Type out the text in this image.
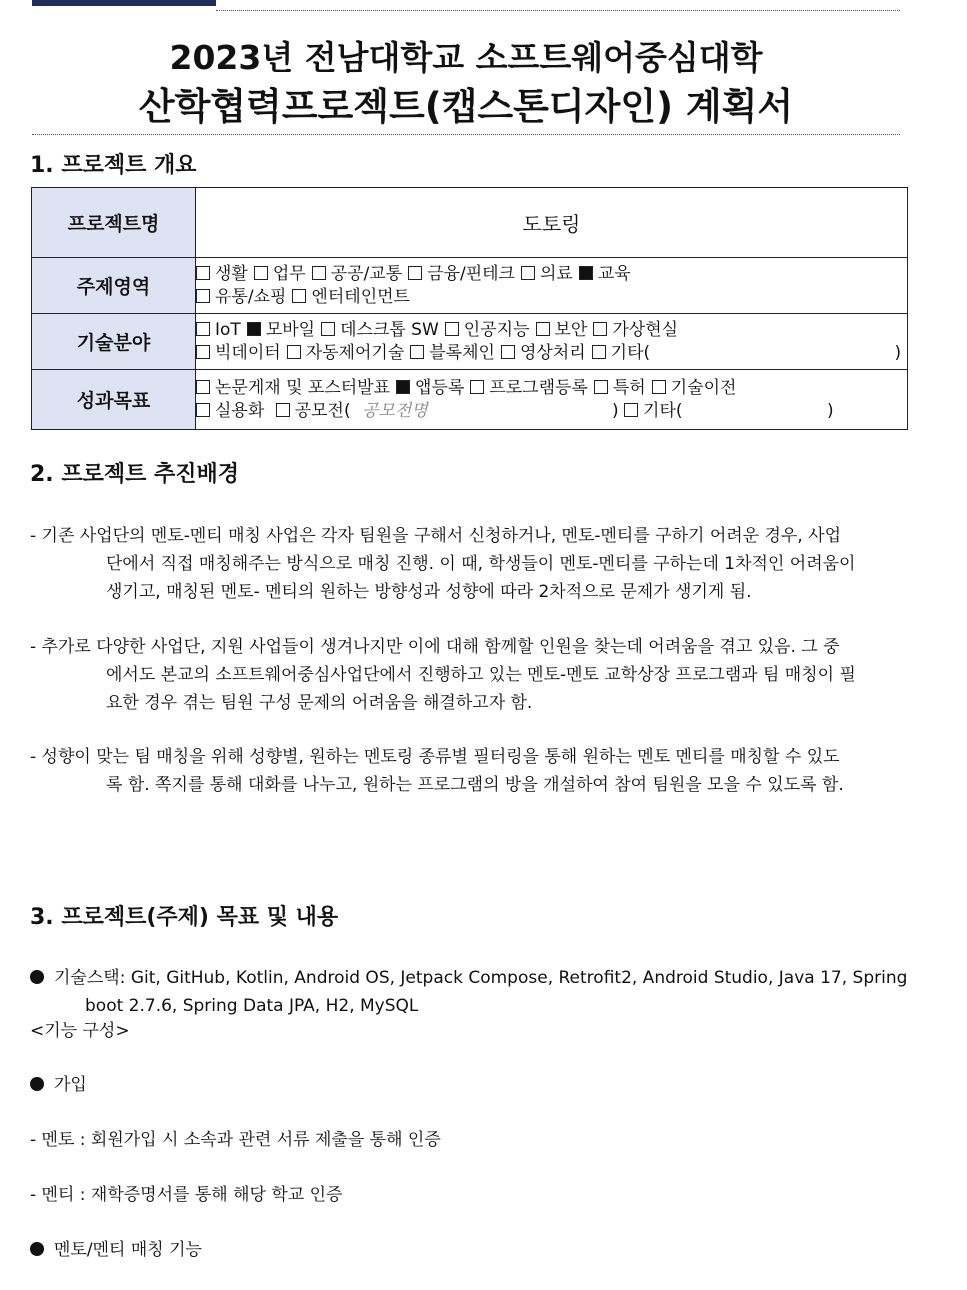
2023년 전남대학교 소프트웨어중심대학
산학협력프로젝트(캡스톤디자인) 계획서
1. 프로젝트 개요
프로젝트명	도토링
주제영역	생활 업무 공공/교통 금융/핀테크 의료 교육
유통/쇼핑 엔터테인먼트

기술분야	IoT 모바일 데스크톱 SW 인공지능 보안 가상현실
빅데이터 자동제어기술 블록체인 영상처리 기타( )

성과목표	논문게재 및 포스터발표 앱등록 프로그램등록 특허 기술이전
실용화 공모전( 공모전명 ) 기타( )
2. 프로젝트 추진배경
- 기존 사업단의 멘토-멘티 매칭 사업은 각자 팀원을 구해서 신청하거나, 멘토-멘티를 구하기 어려운 경우, 사업
단에서 직접 매칭해주는 방식으로 매칭 진행. 이 때, 학생들이 멘토-멘티를 구하는데 1차적인 어려움이
생기고, 매칭된 멘토- 멘티의 원하는 방향성과 성향에 따라 2차적으로 문제가 생기게 됨.
- 추가로 다양한 사업단, 지원 사업들이 생겨나지만 이에 대해 함께할 인원을 찾는데 어려움을 겪고 있음. 그 중
에서도 본교의 소프트웨어중심사업단에서 진행하고 있는 멘토-멘토 교학상장 프로그램과 팀 매칭이 필
요한 경우 겪는 팀원 구성 문제의 어려움을 해결하고자 함.
- 성향이 맞는 팀 매칭을 위해 성향별, 원하는 멘토링 종류별 필터링을 통해 원하는 멘토 멘티를 매칭할 수 있도
록 함. 쪽지를 통해 대화를 나누고, 원하는 프로그램의 방을 개설하여 참여 팀원을 모을 수 있도록 함.
3. 프로젝트(주제) 목표 및 내용
기술스택: Git, GitHub, Kotlin, Android OS, Jetpack Compose, Retrofit2, Android Studio, Java 17, Spring
boot 2.7.6, Spring Data JPA, H2, MySQL
<기능 구성>
가입
- 멘토 : 회원가입 시 소속과 관련 서류 제출을 통해 인증
- 멘티 : 재학증명서를 통해 해당 학교 인증
멘토/멘티 매칭 기능
